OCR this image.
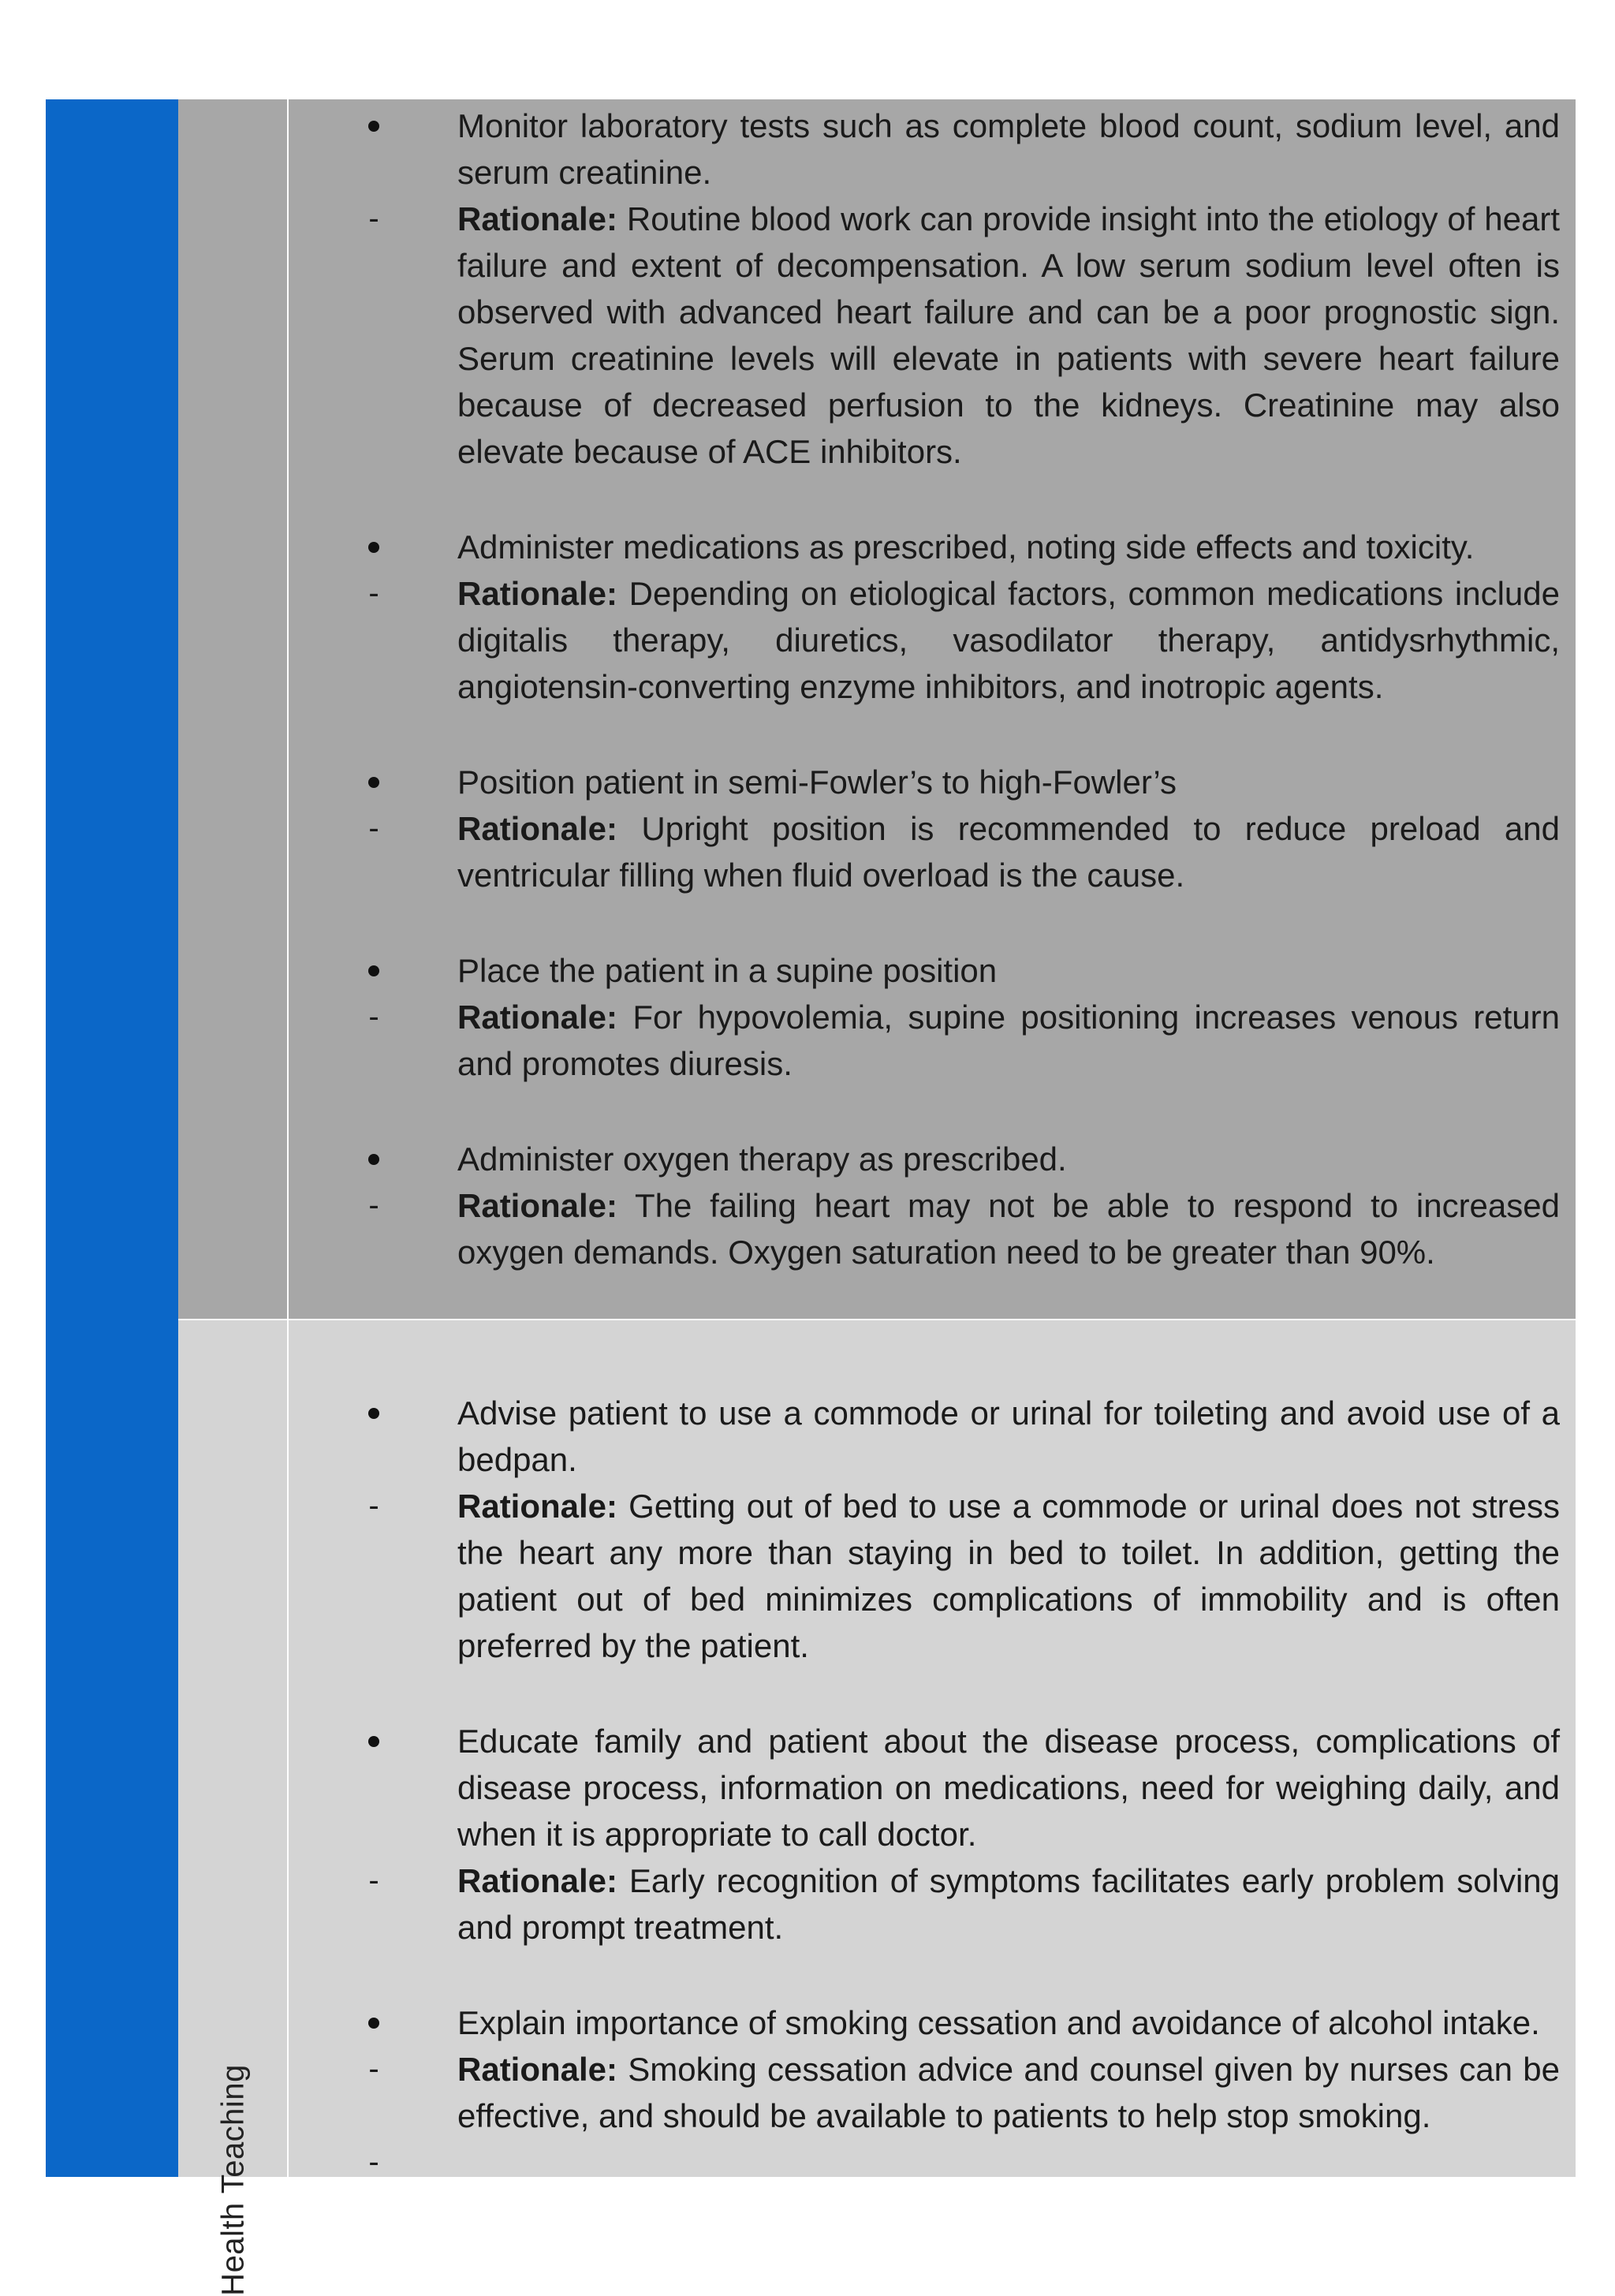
Monitor laboratory tests such as complete blood count, sodium level, and serum creatinine.
-	Rationale: Routine blood work can provide insight into the etiology of heart failure and extent of decompensation. A low serum sodium level often is observed with advanced heart failure and can be a poor prognostic sign. Serum creatinine levels will elevate in patients with severe heart failure because of decreased perfusion to the kidneys. Creatinine may also elevate because of ACE inhibitors.
Administer medications as prescribed, noting side effects and toxicity.
-	Rationale: Depending on etiological factors, common medications include digitalis therapy, diuretics, vasodilator therapy, antidysrhythmic, angiotensin-converting enzyme inhibitors, and inotropic agents.
Position patient in semi-Fowler’s to high-Fowler’s
-	Rationale: Upright position is recommended to reduce preload and ventricular filling when fluid overload is the cause.
Place the patient in a supine position
-	Rationale: For hypovolemia, supine positioning increases venous return and promotes diuresis.
Administer oxygen therapy as prescribed.
-	Rationale: The failing heart may not be able to respond to increased oxygen demands. Oxygen saturation need to be greater than 90%.
Health Teaching
Advise patient to use a commode or urinal for toileting and avoid use of a bedpan.
-	Rationale: Getting out of bed to use a commode or urinal does not stress the heart any more than staying in bed to toilet. In addition, getting the patient out of bed minimizes complications of immobility and is often preferred by the patient.
Educate family and patient about the disease process, complications of disease process, information on medications, need for weighing daily, and when it is appropriate to call doctor.
-	Rationale: Early recognition of symptoms facilitates early problem solving and prompt treatment.
Explain importance of smoking cessation and avoidance of alcohol intake.
-	Rationale: Smoking cessation advice and counsel given by nurses can be effective, and should be available to patients to help stop smoking.
-
